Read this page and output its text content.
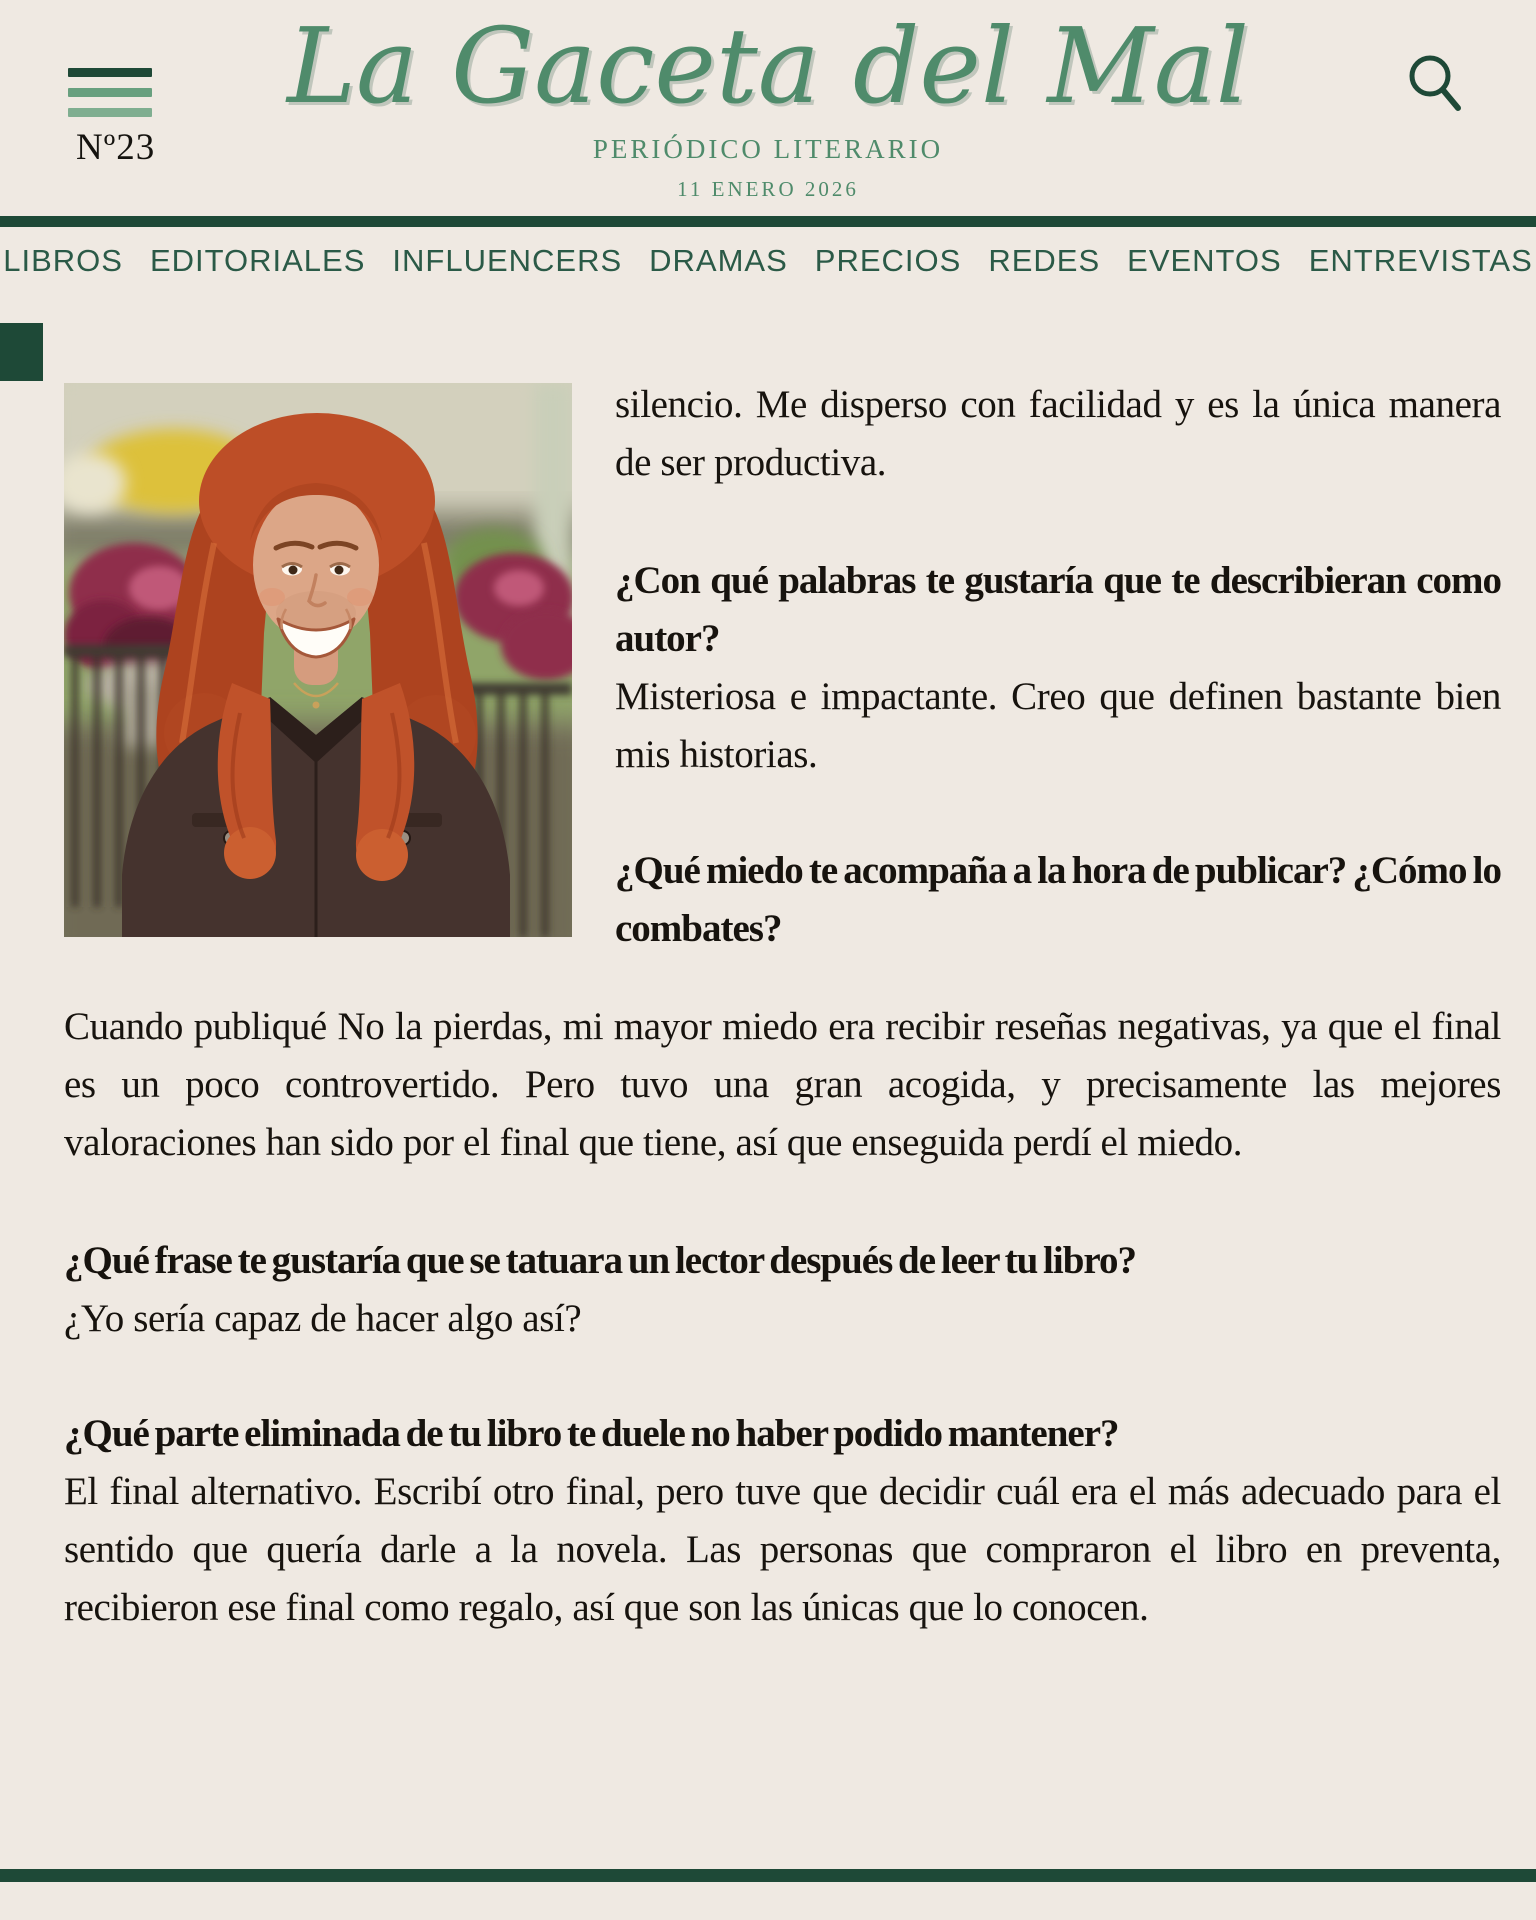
Nº23
La Gaceta del Mal
PERIÓDICO LITERARIO
11 ENERO 2026
LIBROS EDITORIALES INFLUENCERS DRAMAS PRECIOS REDES EVENTOS ENTREVISTAS

silencio. Me disperso con facilidad y es la única manera de ser productiva.

¿Con qué palabras te gustaría que te describieran como autor?

Misteriosa e impactante. Creo que definen bastante bien mis historias.

¿Qué miedo te acompaña a la hora de publicar? ¿Cómo lo combates?

Cuando publiqué No la pierdas, mi mayor miedo era recibir reseñas negativas, ya que el final es un poco controvertido. Pero tuvo una gran acogida, y precisamente las mejores valoraciones han sido por el final que tiene, así que enseguida perdí el miedo.

¿Qué frase te gustaría que se tatuara un lector después de leer tu libro?

¿Yo sería capaz de hacer algo así?

¿Qué parte eliminada de tu libro te duele no haber podido mantener?

El final alternativo. Escribí otro final, pero tuve que decidir cuál era el más adecuado para el sentido que quería darle a la novela. Las personas que compraron el libro en preventa, recibieron ese final como regalo, así que son las únicas que lo conocen.
